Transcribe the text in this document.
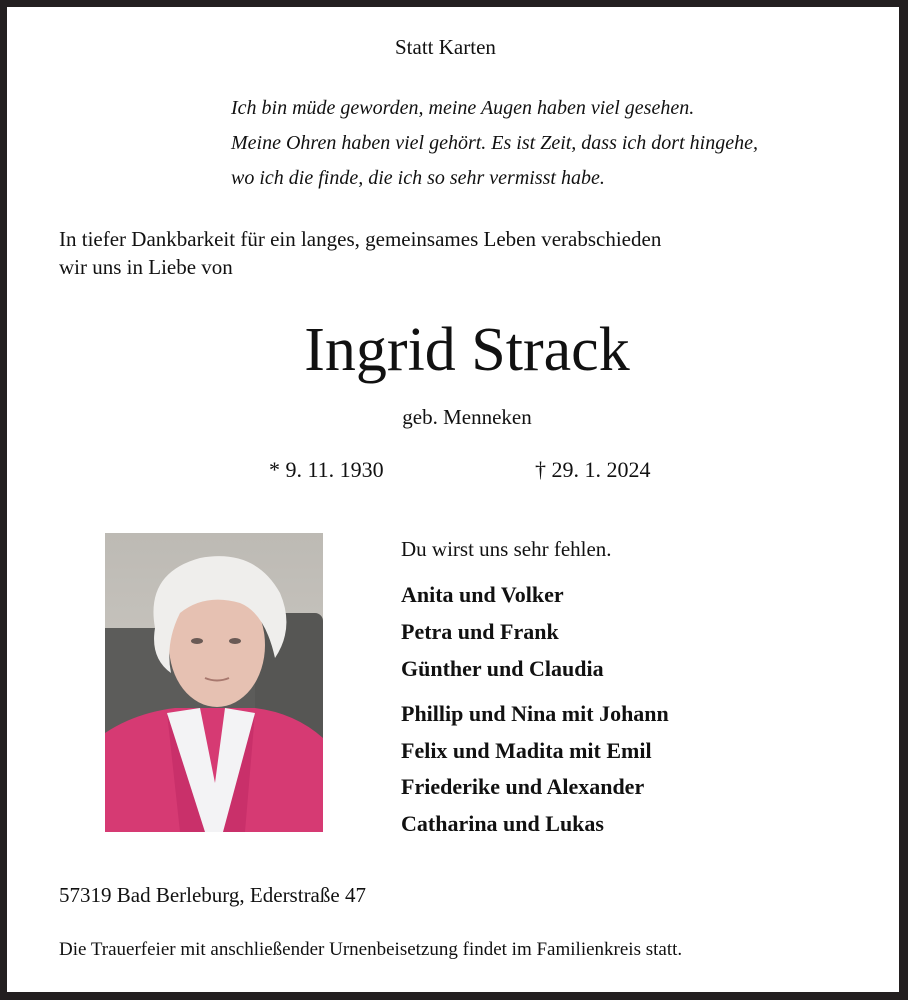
Statt Karten
Ich bin müde geworden, meine Augen haben viel gesehen.
Meine Ohren haben viel gehört. Es ist Zeit, dass ich dort hingehe,
wo ich die finde, die ich so sehr vermisst habe.
In tiefer Dankbarkeit für ein langes, gemeinsames Leben verabschieden
wir uns in Liebe von
Ingrid Strack
geb. Menneken
* 9. 11. 1930	† 29. 1. 2024
Du wirst uns sehr fehlen.
Anita und Volker
Petra und Frank
Günther und Claudia
Phillip und Nina mit Johann
Felix und Madita mit Emil
Friederike und Alexander
Catharina und Lukas
57319 Bad Berleburg, Ederstraße 47
Die Trauerfeier mit anschließender Urnenbeisetzung findet im Familienkreis statt.
